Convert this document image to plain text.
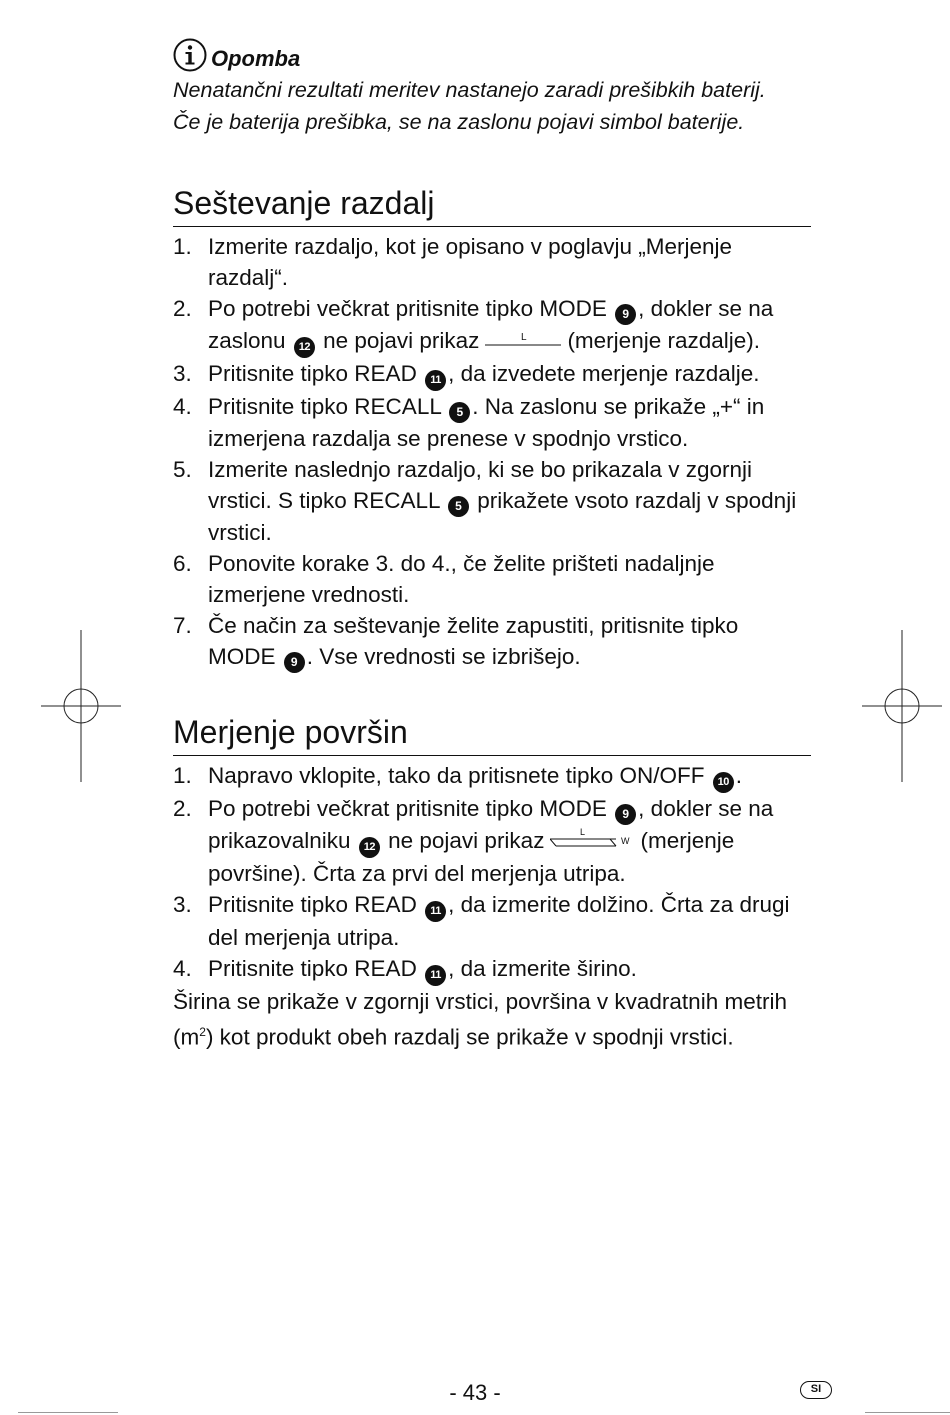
Opomba

Nenatančni rezultati meritev nastanejo zaradi prešibkih baterij.
Če je baterija prešibka, se na zaslonu pojavi simbol baterije.

Seštevanje razdalj
1. Izmerite razdaljo, kot je opisano v poglavju „Merjenje razdalj“.
2. Po potrebi večkrat pritisnite tipko MODE 9 , dokler se na zaslonu 12 ne pojavi prikaz	L (merjenje razdalje).
3. Pritisnite tipko READ 11 , da izvedete merjenje razdalje.
4. Pritisnite tipko RECALL 5 . Na zaslonu se prikaže „+“ in izmerjena razdalja se prenese v spodnjo vrstico.
5. Izmerite naslednjo razdaljo, ki se bo prikazala v zgornji vrstici. S tipko RECALL 5 prikažete vsoto razdalj v spodnji vrstici.
6. Ponovite korake 3. do 4., če želite prišteti nadaljnje izmerjene vrednosti.
7. Če način za seštevanje želite zapustiti, pritisnite tipko MODE 9 . Vse vrednosti se izbrišejo.
Merjenje površin
1. Napravo vklopite, tako da pritisnete tipko ON/OFF 10 .
2. Po potrebi večkrat pritisnite tipko MODE 9 , dokler se na prikazovalniku 12 ne pojavi prikaz	L
W (merjenje površine). Črta za prvi del merjenja utripa.
3. Pritisnite tipko READ 11 , da izmerite dolžino. Črta za drugi del merjenja utripa.
4. Pritisnite tipko READ 11 , da izmerite širino.

Širina se prikaže v zgornji vrstici, površina v kvadratnih metrih $(m^2)$ kot produkt obeh razdalj se prikaže v spodnji vrstici.

- 43 -	SI
